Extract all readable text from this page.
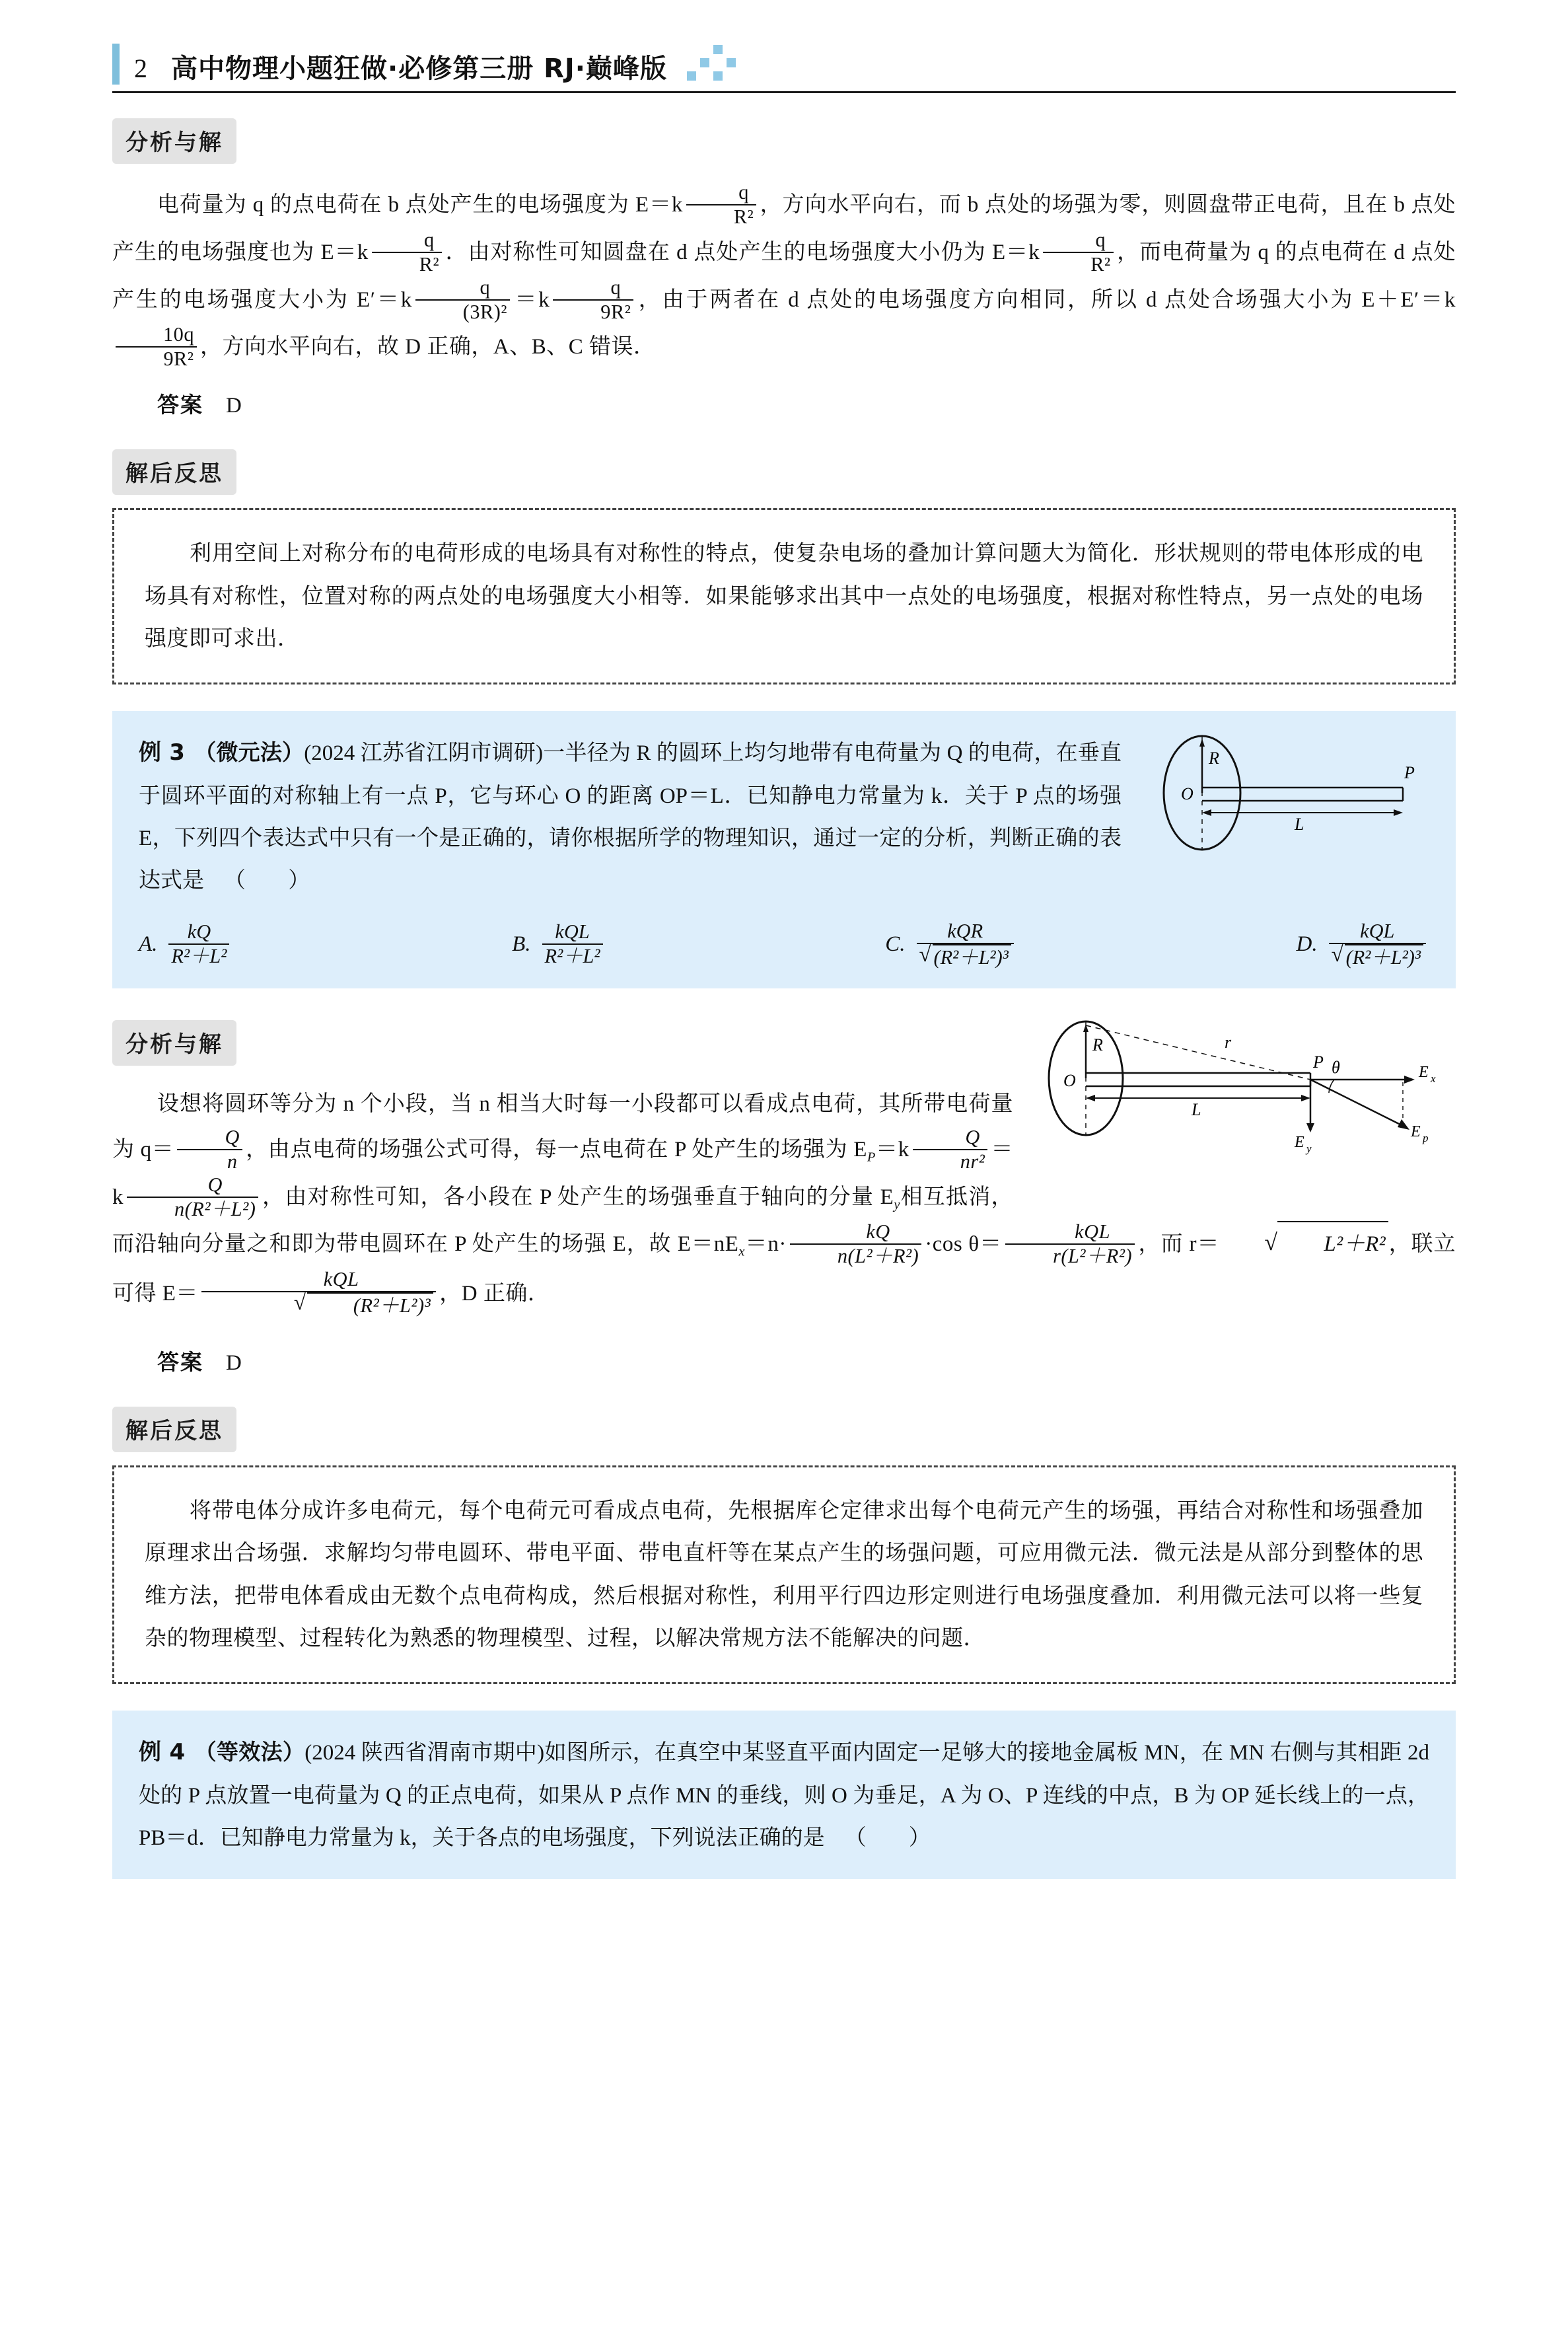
2 高中物理小题狂做·必修第三册 RJ·巅峰版
分析与解
电荷量为 q 的点电荷在 b 点处产生的电场强度为 $E=k \frac{q}{\text{R²}}$ ，方向水平向右，而 b 点处的场强为零，则圆盘带正电荷，且在 b 点处产生的电场强度也为 $E=k \frac{q}{\text{R²}}$ ．由对称性可知圆盘在 d 点处产生的电场强度大小仍为 $E=k \frac{q}{\text{R²}}$ ，而电荷量为 q 的点电荷在 d 点处产生的电场强度大小为 $E'=k \frac{q}{\text{(3R)²}} =k \frac{q}{\text{9R²}}$ ，由于两者在 d 点处的电场强度方向相同，所以 d 点处合场强大小为 E＋E′＝k
$\frac{10q}{\text{9R²}}$ ，方向水平向右，故 D 正确，A、B、C 错误．
答案 D
解后反思
利用空间上对称分布的电荷形成的电场具有对称性的特点，使复杂电场的叠加计算问题大为简化．形状规则的带电体形成的电场具有对称性，位置对称的两点处的电场强度大小相等．如果能够求出其中一点处的电场强度，根据对称性特点，另一点处的电场强度即可求出．
R
O
L
P
例 3 （微元法）(2024 江苏省江阴市调研)一半径为 R 的圆环上均匀地带有电荷量为 Q 的电荷，在垂直于圆环平面的对称轴上有一点 P，它与环心 O 的距离 OP＝L．已知静电力常量为 k．关于 P 点的场强 E，下列四个表达式中只有一个是正确的，请你根据所学的物理知识，通过一定的分析，判断正确的表达式是 （ ）
A. $\frac{kQ}{\text{R²＋L²}}$	B. $\frac{\text{kQL}}{\text{R²＋L²}}$	C. kQR
√ (R²＋L²)³	D. kQL
√ (R²＋L²)³
分析与解	R
O
L
P
r
E x
E y
E p
θ
设想将圆环等分为 n 个小段，当 n 相当大时每一小段都可以看成点电荷，其所带电荷量为 $q= \frac{Q}{n}$ ，由点电荷的场强公式可得，每一点电荷在 P 处产生的场强为 $E_P=k \frac{Q}{\text{nr²}} =k \frac{Q}{\text{n(R²＋L²)}}$ ，由对称性可知，各小段在 P 处产生的场强垂直于轴向的分量 $E_y$相互抵消，而沿轴向分量之和即为带电圆环在 P 处产生的场强 E，故 $E=nE_x=n\cdot \frac{kQ}{\text{n(L²＋R²)}} \cdot\cos$ $\theta= \frac{\text{kQL}}{\text{r(L²＋R²)}}$ ，而 r＝	√ L²＋R² ，联立可得 E＝ kQL
√ (R²＋L²)³ ，D 正确．
答案 D
解后反思
将带电体分成许多电荷元，每个电荷元可看成点电荷，先根据库仑定律求出每个电荷元产生的场强，再结合对称性和场强叠加原理求出合场强．求解均匀带电圆环、带电平面、带电直杆等在某点产生的场强问题，可应用微元法．微元法是从部分到整体的思维方法，把带电体看成由无数个点电荷构成，然后根据对称性，利用平行四边形定则进行电场强度叠加．利用微元法可以将一些复杂的物理模型、过程转化为熟悉的物理模型、过程，以解决常规方法不能解决的问题．
例 4 （等效法）(2024 陕西省渭南市期中)如图所示，在真空中某竖直平面内固定一足够大的接地金属板 MN，在 MN 右侧与其相距 2d 处的 P 点放置一电荷量为 Q 的正点电荷，如果从 P 点作 MN 的垂线，则 O 为垂足，A 为 O、P 连线的中点，B 为 OP 延长线上的一点，PB＝d．已知静电力常量为 k，关于各点的电场强度，下列说法正确的是 （ ）
